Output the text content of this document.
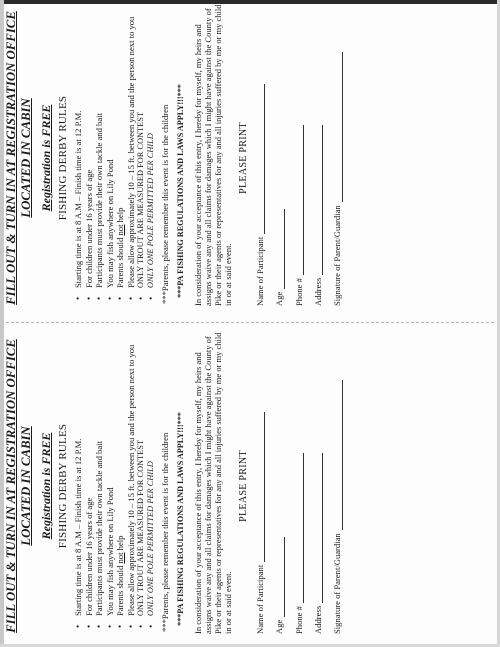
FILL OUT & TURN IN AT REGISTRATION OFFICE LOCATED IN CABIN Registration is FREE FISHING DERBY RULES • Starting time is at 8 A.M – Finish time is at 12 P.M. • For children under 16 years of age • Participants must provide their own tackle and bait • You may fish anywhere on Lily Pond • Parents should not help • Please allow approximately 10 – 15 ft. between you and the person next to you • ONLY TROUT ARE MEASURED FOR CONTEST • ONLY ONE POLE PERMITTED PER CHILD ***Parents, please remember this event is for the children ***PA FISHING REGULATIONS AND LAWS APPLY!!!*** In consideration of your acceptance of this entry, I hereby for myself, my heirs and assigns waive any and all claims for damages which I might have against the County of Pike or their agents or representatives for any and all injuries suffered by me or my child in or at said event.
PLEASE PRINT
Name of Participant Age Phone # Address Signature of Parent/Guardian
FILL OUT & TURN IN AT REGISTRATION OFFICE LOCATED IN CABIN Registration is FREE FISHING DERBY RULES • Starting time is at 8 A.M – Finish time is at 12 P.M. • For children under 16 years of age • Participants must provide their own tackle and bait • You may fish anywhere on Lily Pond • Parents should not help • Please allow approximately 10 – 15 ft. between you and the person next to you • ONLY TROUT ARE MEASURED FOR CONTEST • ONLY ONE POLE PERMITTED PER CHILD ***Parents, please remember this event is for the children ***PA FISHING REGULATIONS AND LAWS APPLY!!!*** In consideration of your acceptance of this entry, I hereby for myself, my heirs and assigns waive any and all claims for damages which I might have against the County of Pike or their agents or representatives for any and all injuries suffered by me or my child in or at said event.
PLEASE PRINT
Name of Participant Age Phone # Address Signature of Parent/Guardian
